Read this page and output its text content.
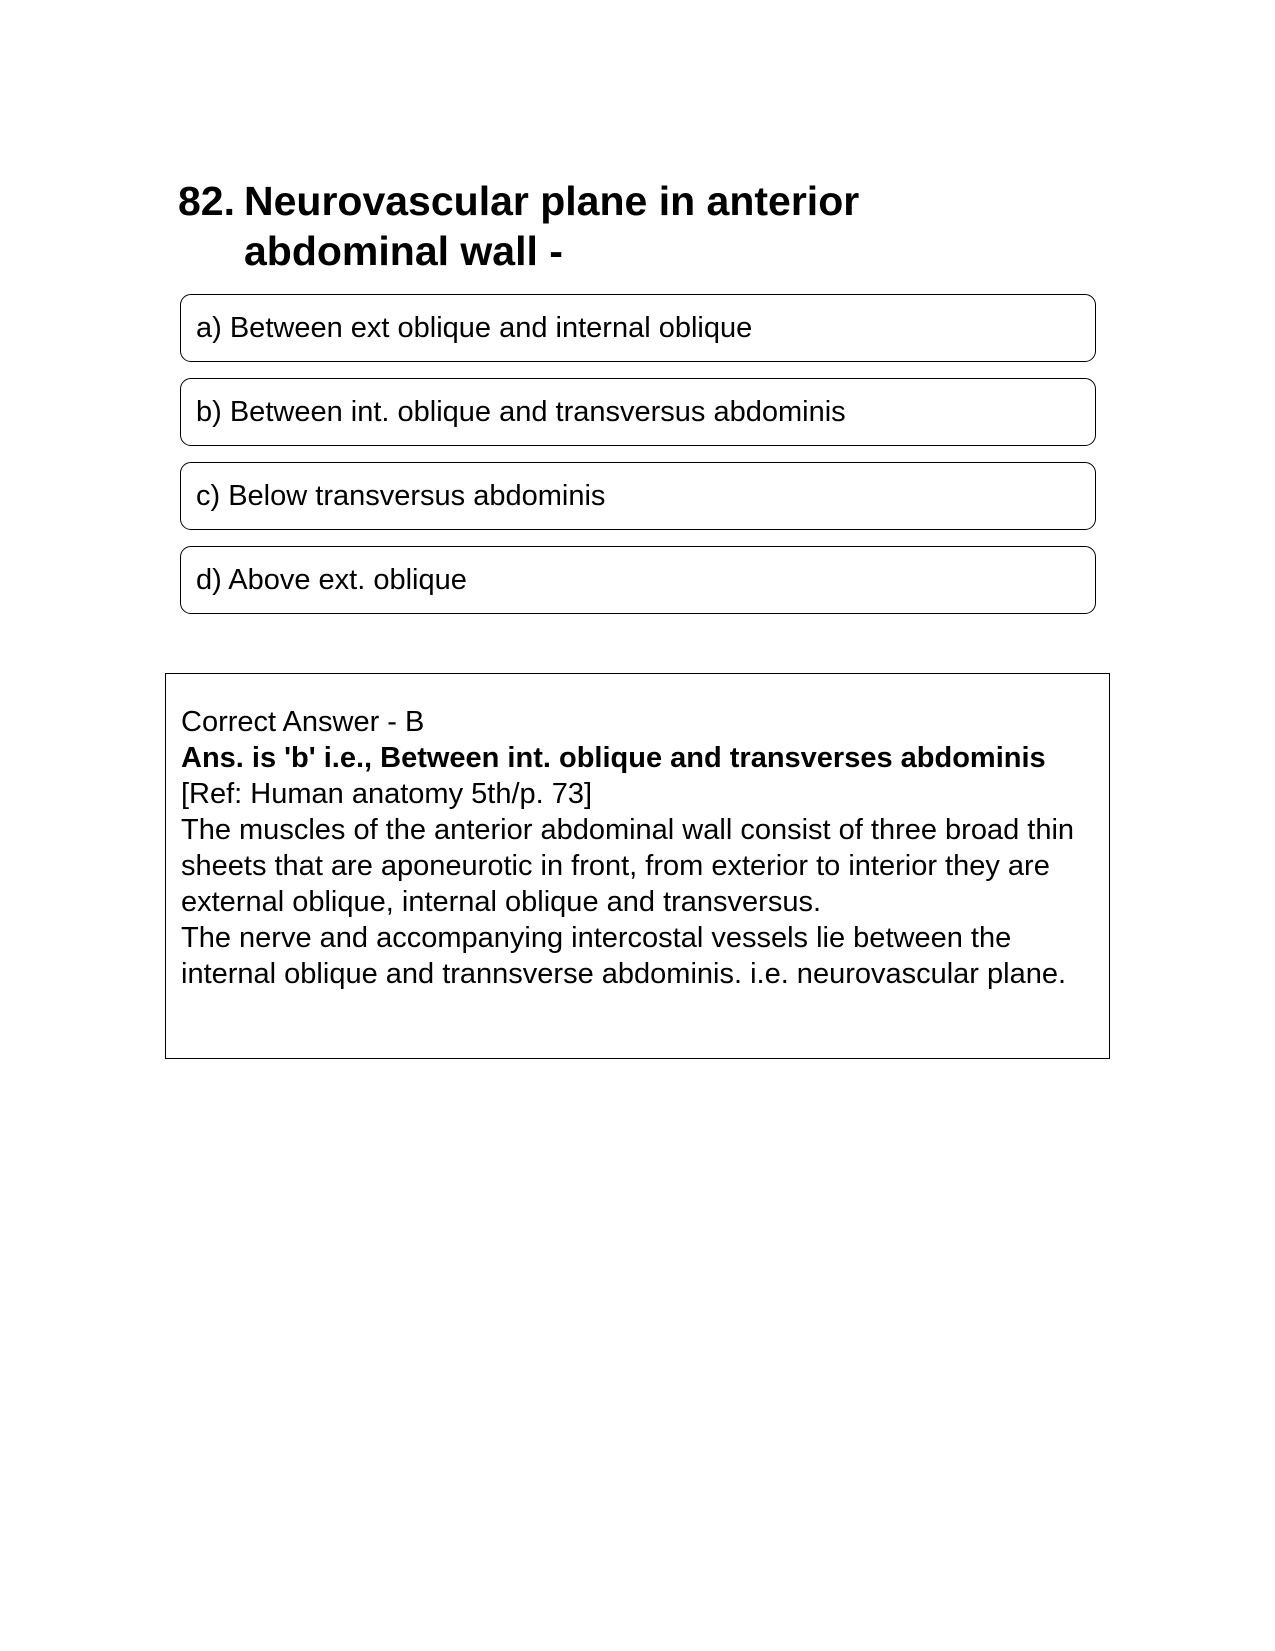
82. Neurovascular plane in anterior abdominal wall -
a) Between ext oblique and internal oblique
b) Between int. oblique and transversus abdominis
c) Below transversus abdominis
d) Above ext. oblique

Correct Answer - B

Ans. is 'b' i.e., Between int. oblique and transverses abdominis [Ref: Human anatomy 5th/p. 73]

The muscles of the anterior abdominal wall consist of three broad thin sheets that are aponeurotic in front, from exterior to interior they are external oblique, internal oblique and transversus.

The nerve and accompanying intercostal vessels lie between the internal oblique and trannsverse abdominis. i.e. neurovascular plane.
